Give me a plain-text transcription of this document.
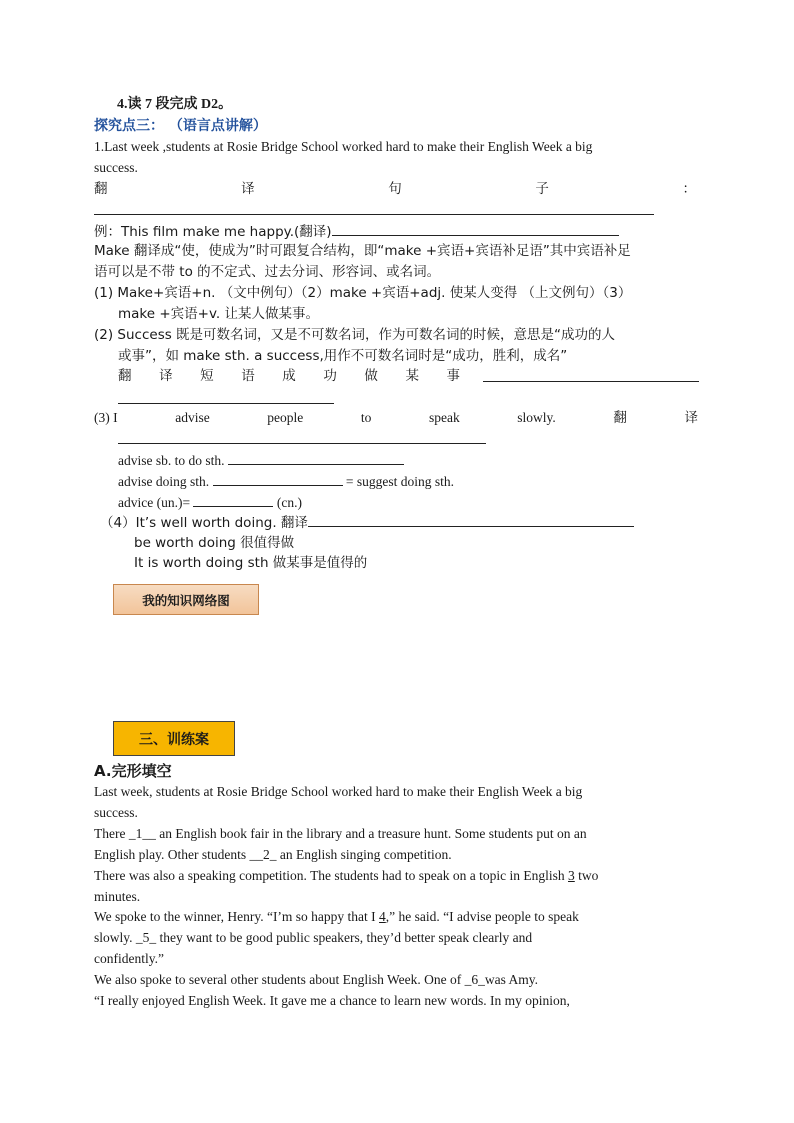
4.读 7 段完成 D2。
探究点三： （语言点讲解）
1.Last week ,students at Rosie Bridge School worked hard to make their English Week a big
success.
翻	译	句	子	：
例：This film make me happy.(翻译)
Make 翻译成“使，使成为”时可跟复合结构，即“make +宾语+宾语补足语”其中宾语补足
语可以是不带 to 的不定式、过去分词、形容词、或名词。
(1) Make+宾语+n. （文中例句）（2）make +宾语+adj. 使某人变得 （上文例句）（3）
make +宾语+v. 让某人做某事。
(2) Success 既是可数名词，又是不可数名词，作为可数名词的时候，意思是“成功的人
或事”，如 make sth. a success,用作不可数名词时是“成功，胜利，成名”
翻 译 短 语 成 功 做 某 事
(3) I	advise	people	to	speak	slowly.	翻	译
advise sb. to do sth.
advise doing sth.	= suggest doing sth.
advice (un.)=	(cn.)
（4）It’s well worth doing. 翻译
be worth doing 很值得做
It is worth doing sth 做某事是值得的
我的知识网络图
三、训练案
A.完形填空
Last week, students at Rosie Bridge School worked hard to make their English Week a big
success.
There _1__ an English book fair in the library and a treasure hunt. Some students put on an
English play. Other students __2_ an English singing competition.
There was also a speaking competition. The students had to speak on a topic in English 3 two
minutes.
We spoke to the winner, Henry. “I’m so happy that I 4,” he said. “I advise people to speak
slowly. _5_ they want to be good public speakers, they’d better speak clearly and
confidently.”
We also spoke to several other students about English Week. One of _6_was Amy.
“I really enjoyed English Week. It gave me a chance to learn new words. In my opinion,
